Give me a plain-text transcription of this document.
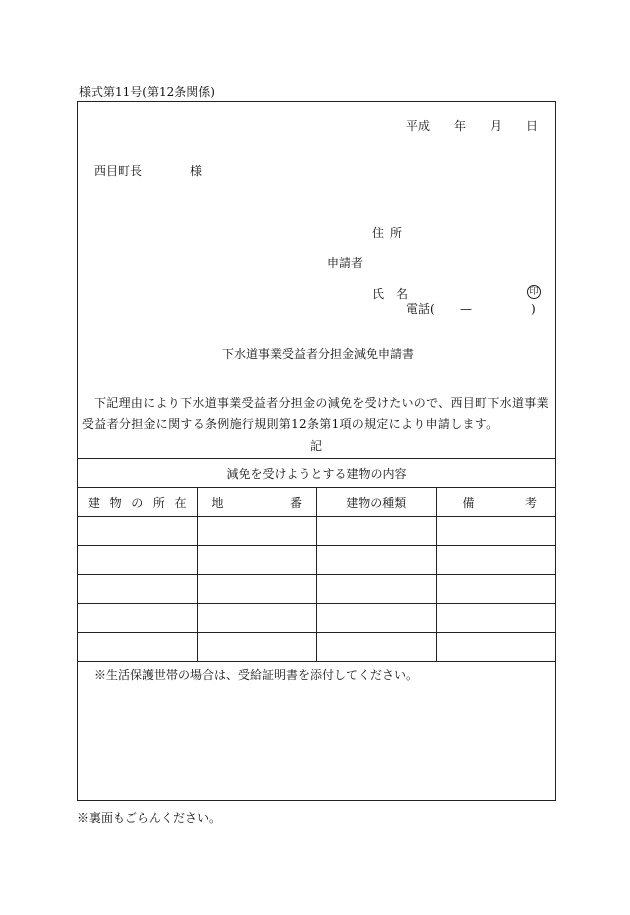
様式第11号(第12条関係)
平成 年 月 日
西目町長	様
住所
申請者
氏名	印
電話( —	)
下水道事業受益者分担金減免申請書
下記理由により下水道事業受益者分担金の減免を受けたいので、西目町下水道事業受益者分担金に関する条例施行規則第12条第1項の規定により申請します。
記
減免を受けようとする建物の内容			

建 物 の 所 在	地 番	建物の種類	備 考

※生活保護世帯の場合は、受給証明書を添付してください。
※裏面もごらんください。
